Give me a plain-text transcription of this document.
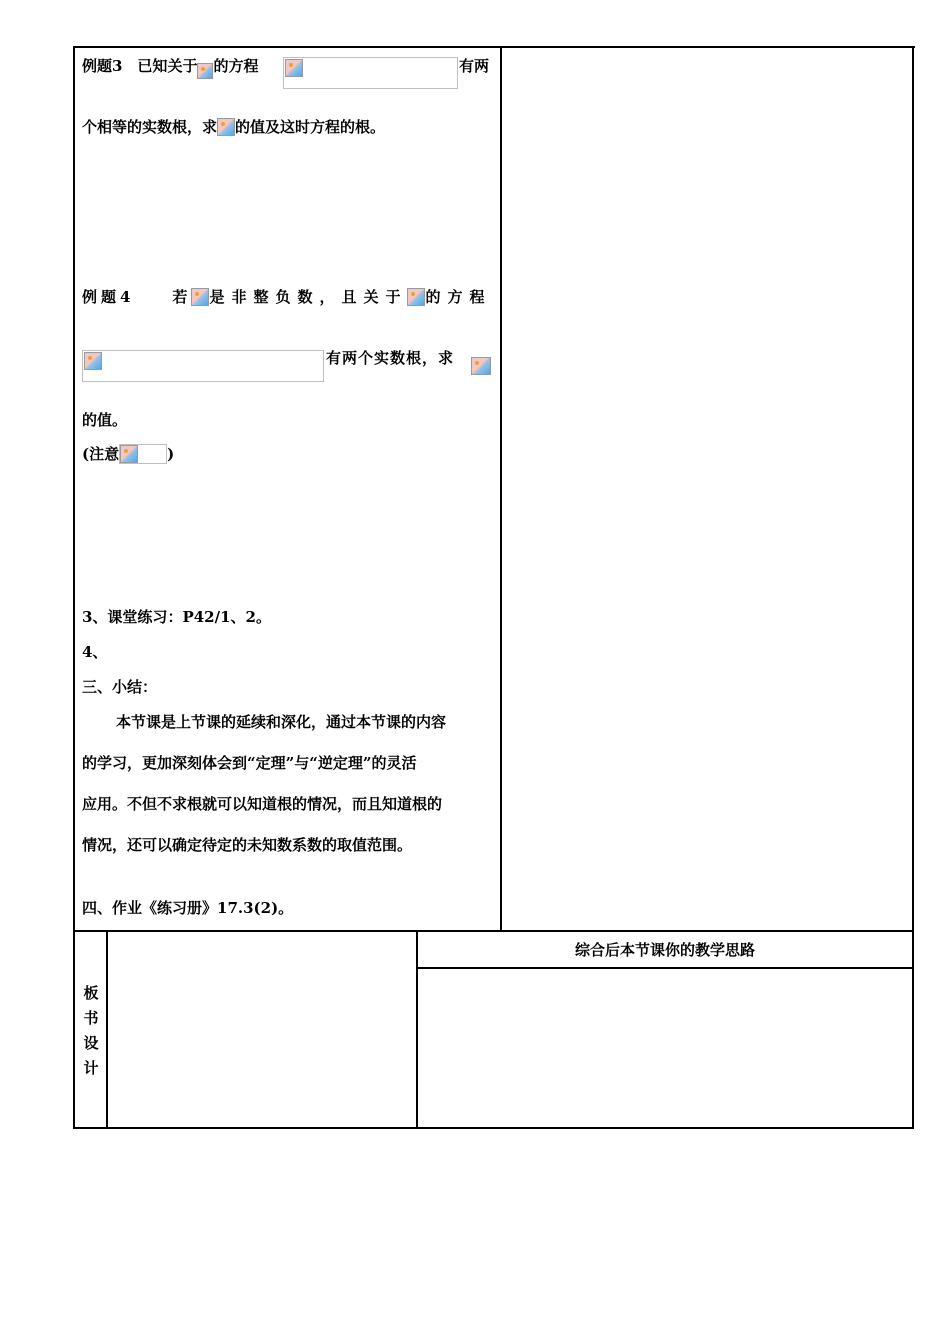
例题3　已知关于 的方程	有两
个相等的实数根，求 的值及这时方程的根。
例题4　　若 是非整负数，且关于 的方程
有两个实数根，求
的值。
(注意	)
3、课堂练习：P42/1、2。
4、
三、小结：
本节课是上节课的延续和深化，通过本节课的内容
的学习，更加深刻体会到“定理”与“逆定理”的灵活
应用。不但不求根就可以知道根的情况，而且知道根的
情况，还可以确定待定的未知数系数的取值范围。
四、作业《练习册》17.3(2)。
板书设计
综合后本节课你的教学思路
